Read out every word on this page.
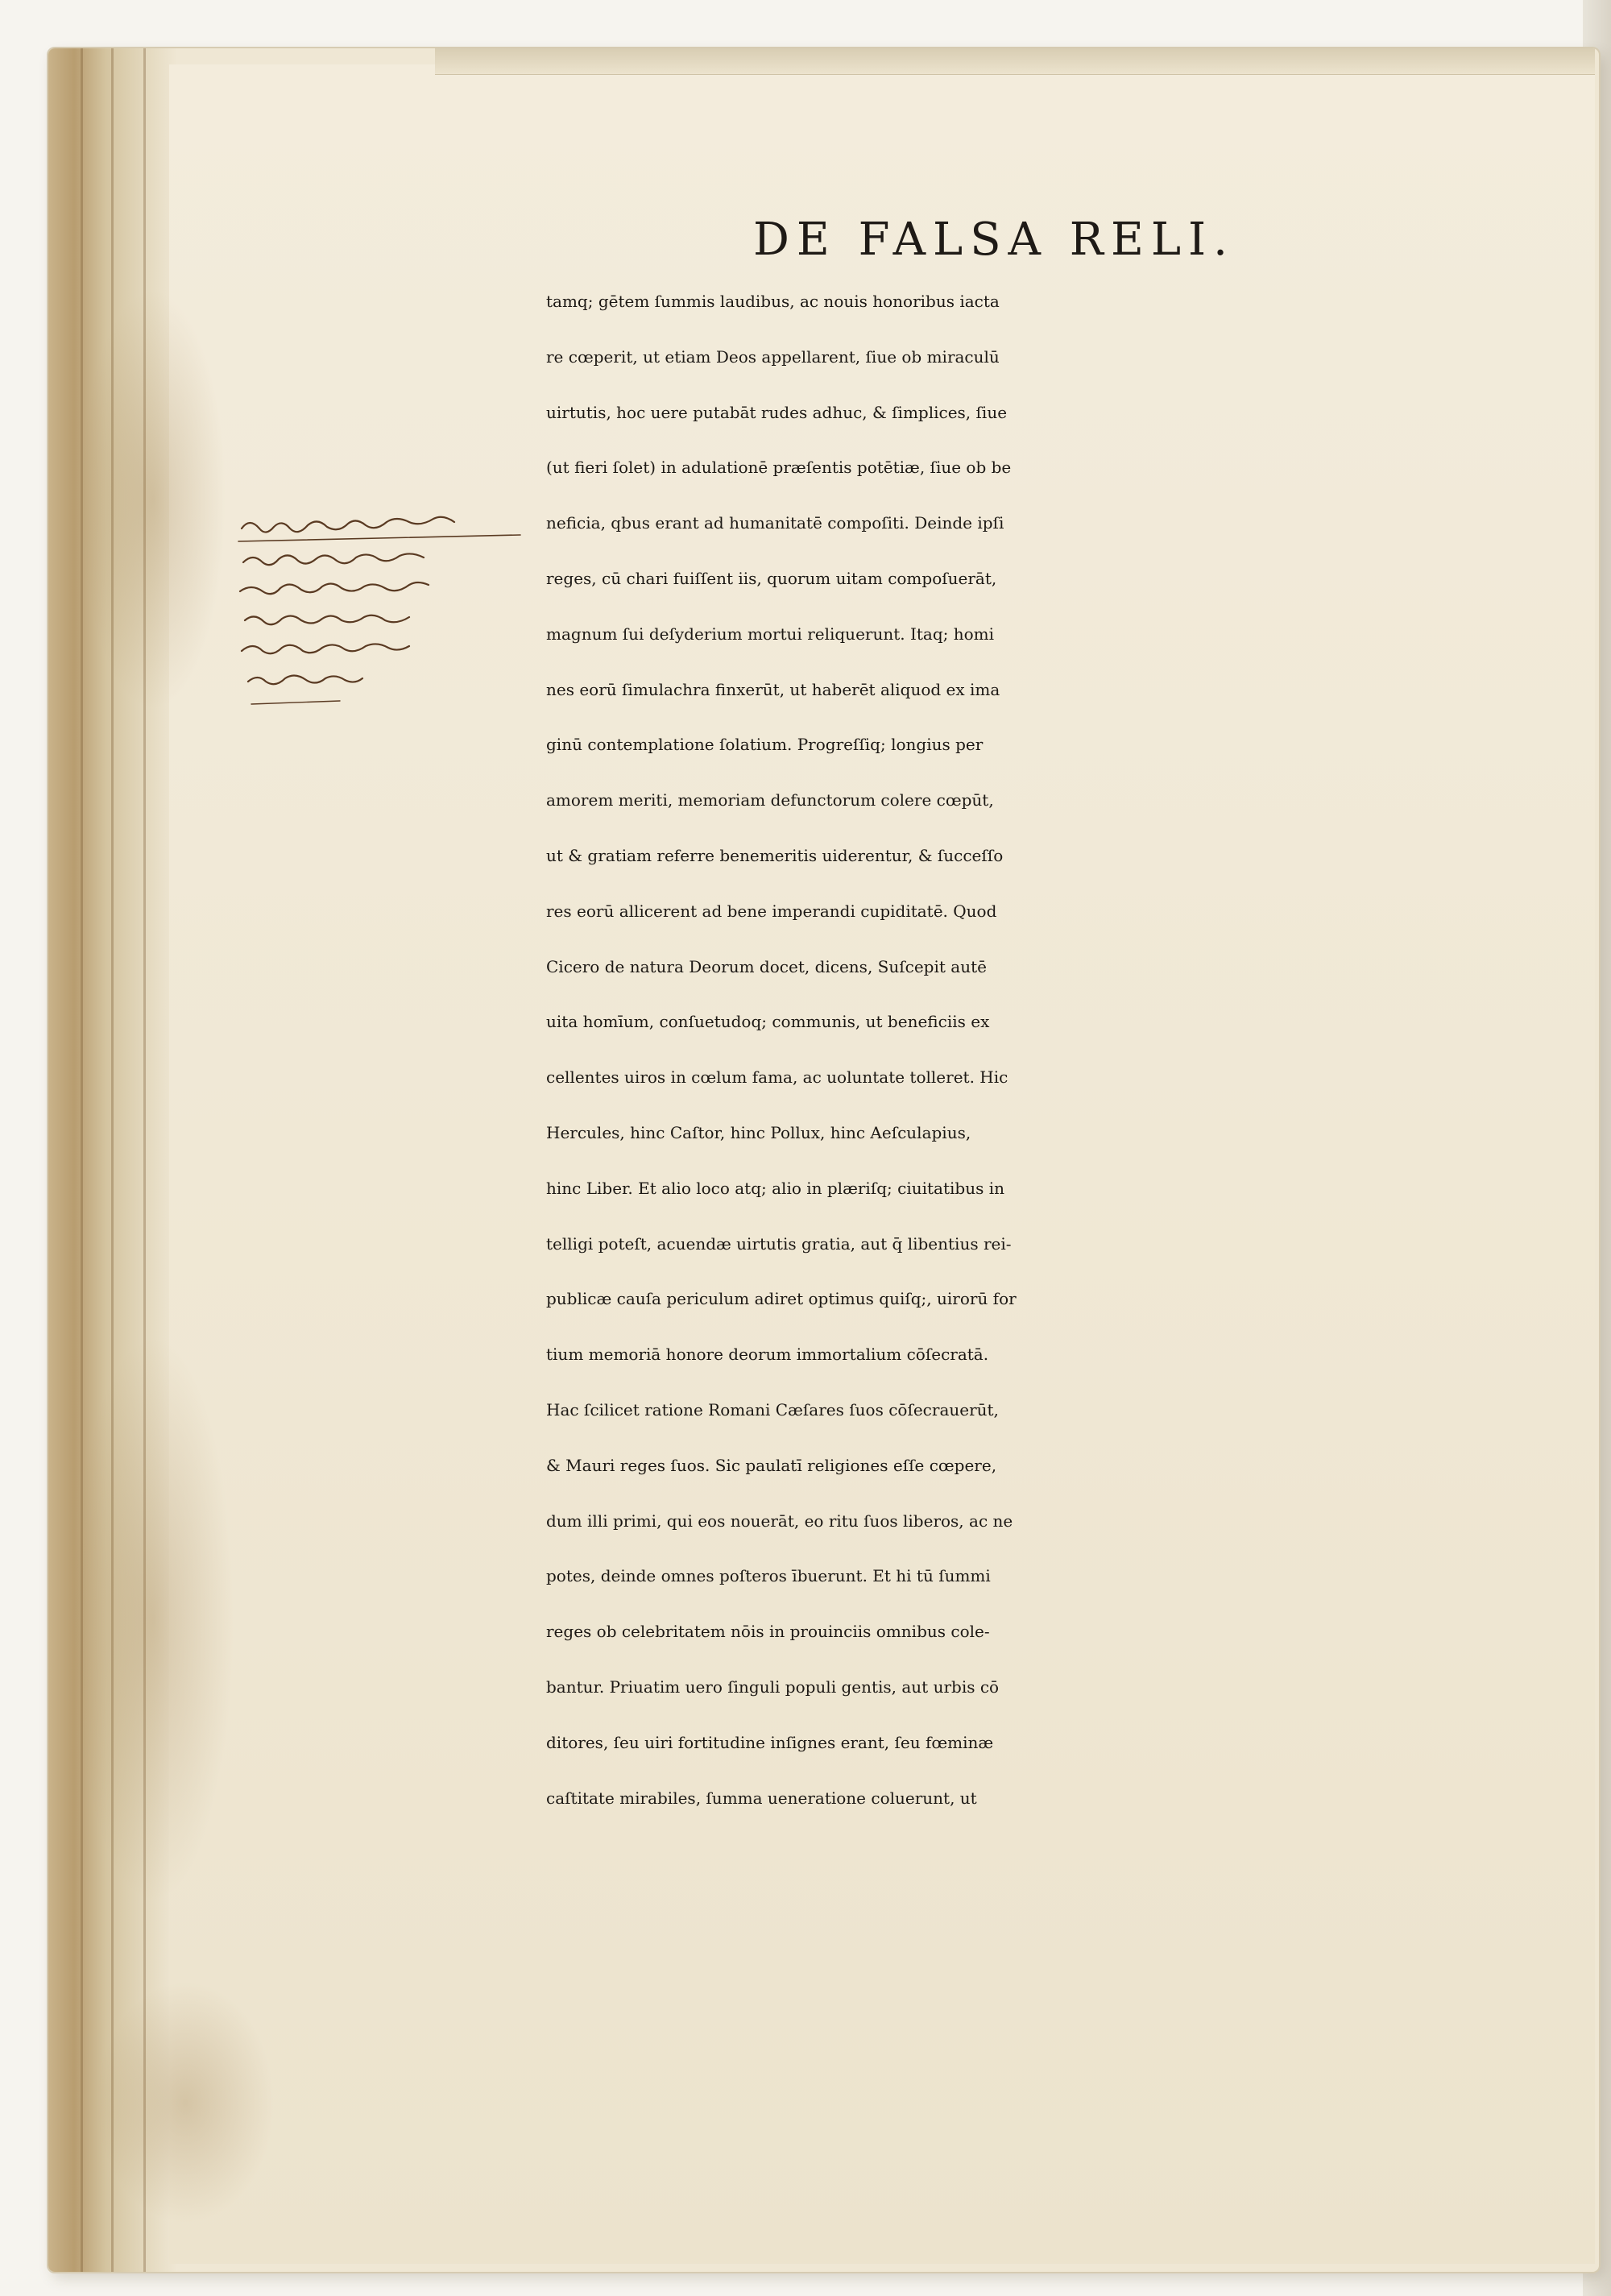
DE FALSA RELI.
tamq; gētem ſummis laudibus, ac nouis honoribus iacta
re cœperit, ut etiam Deos appellarent, ſiue ob miraculū
uirtutis, hoc uere putabāt rudes adhuc, & ſimplices, ſiue
(ut fieri ſolet) in adulationē præſentis potētiæ, ſiue ob be
neficia, qbus erant ad humanitatē compoſiti. Deinde ipſi
reges, cū chari fuiſſent iis, quorum uitam compoſuerāt,
magnum ſui deſyderium mortui reliquerunt. Itaq; homi
nes eorū ſimulachra finxerūt, ut haberēt aliquod ex ima
ginū contemplatione ſolatium. Progreſſiq; longius per
amorem meriti, memoriam defunctorum colere cœpūt,
ut & gratiam referre benemeritis uiderentur, & ſucceſſo
res eorū allicerent ad bene imperandi cupiditatē. Quod
Cicero de natura Deorum docet, dicens, Suſcepit autē
uita homīum, conſuetudoq; communis, ut beneficiis ex
cellentes uiros in cœlum fama, ac uoluntate tolleret. Hic
Hercules, hinc Caſtor, hinc Pollux, hinc Aeſculapius,
hinc Liber. Et alio loco atq; alio in plæriſq; ciuitatibus in
telligi poteſt, acuendæ uirtutis gratia, aut q̄ libentius rei-
publicæ cauſa periculum adiret optimus quiſq;, uirorū for
tium memoriā honore deorum immortalium cōſecratā.
Hac ſcilicet ratione Romani Cæſares ſuos cōſecrauerūt,
& Mauri reges ſuos. Sic paulatī religiones eſſe cœpere,
dum illi primi, qui eos nouerāt, eo ritu ſuos liberos, ac ne
potes, deinde omnes poſteros ībuerunt. Et hi tū ſummi
reges ob celebritatem nōis in prouinciis omnibus cole-
bantur. Priuatim uero ſinguli populi gentis, aut urbis cō
ditores, ſeu uiri fortitudine inſignes erant, ſeu fœminæ
caſtitate mirabiles, ſumma ueneratione coluerunt, ut
